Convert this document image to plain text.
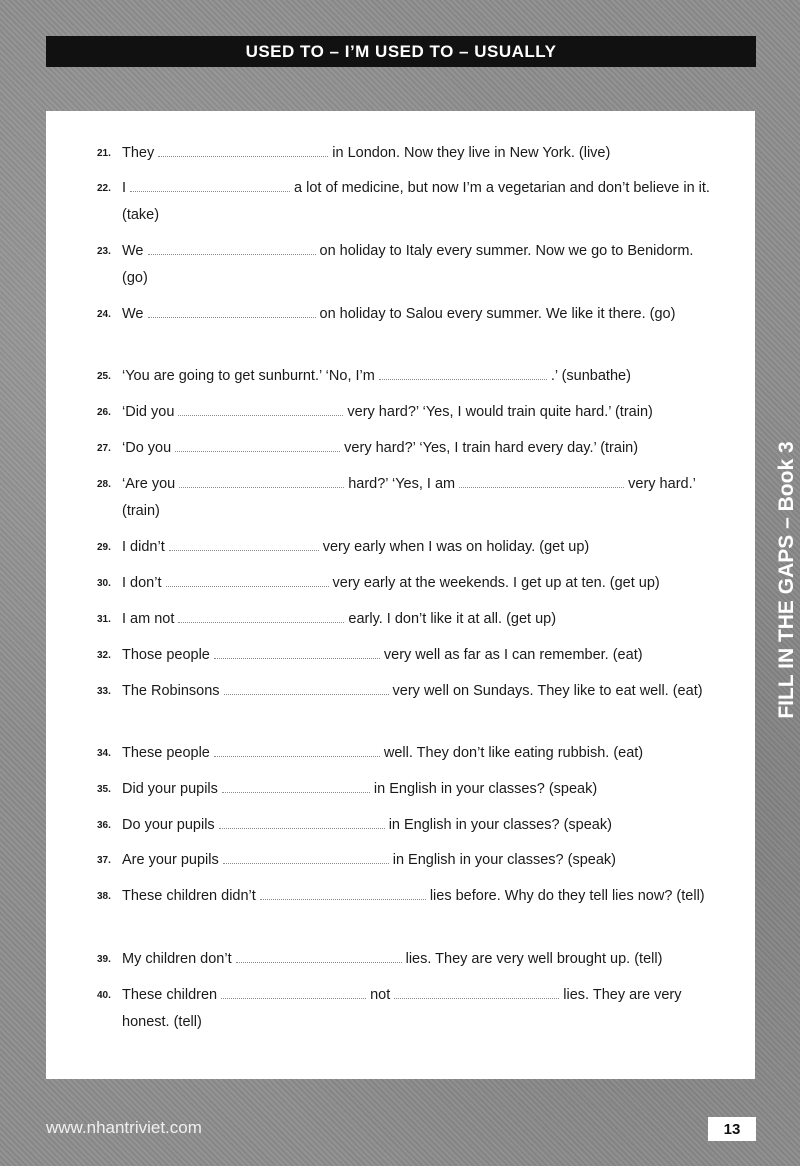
USED TO – I’M USED TO – USUALLY
21. They	in London. Now they live in New York. (live)
22. I	a lot of medicine, but now I’m a vegetarian and don’t believe in it. (take)
23. We	on holiday to Italy every summer. Now we go to Benidorm. (go)
24. We	on holiday to Salou every summer. We like it there. (go)
25. ‘You are going to get sunburnt.’ ‘No, I’m	.’ (sunbathe)
26. ‘Did you	very hard?’ ‘Yes, I would train quite hard.’ (train)
27. ‘Do you	very hard?’ ‘Yes, I train hard every day.’ (train)
28. ‘Are you	hard?’ ‘Yes, I am	very hard.’ (train)
29. I didn’t	very early when I was on holiday. (get up)
30. I don’t	very early at the weekends. I get up at ten. (get up)
31. I am not	early. I don’t like it at all. (get up)
32. Those people	very well as far as I can remember. (eat)
33. The Robinsons	very well on Sundays. They like to eat well. (eat)
34. These people	well. They don’t like eating rubbish. (eat)
35. Did your pupils	in English in your classes? (speak)
36. Do your pupils	in English in your classes? (speak)
37. Are your pupils	in English in your classes? (speak)
38. These children didn’t	lies before. Why do they tell lies now? (tell)
39. My children don’t	lies. They are very well brought up. (tell)
40. These children	not	lies. They are very honest. (tell)
FILL IN THE GAPS – Book 3
www.nhantriviet.com	13
